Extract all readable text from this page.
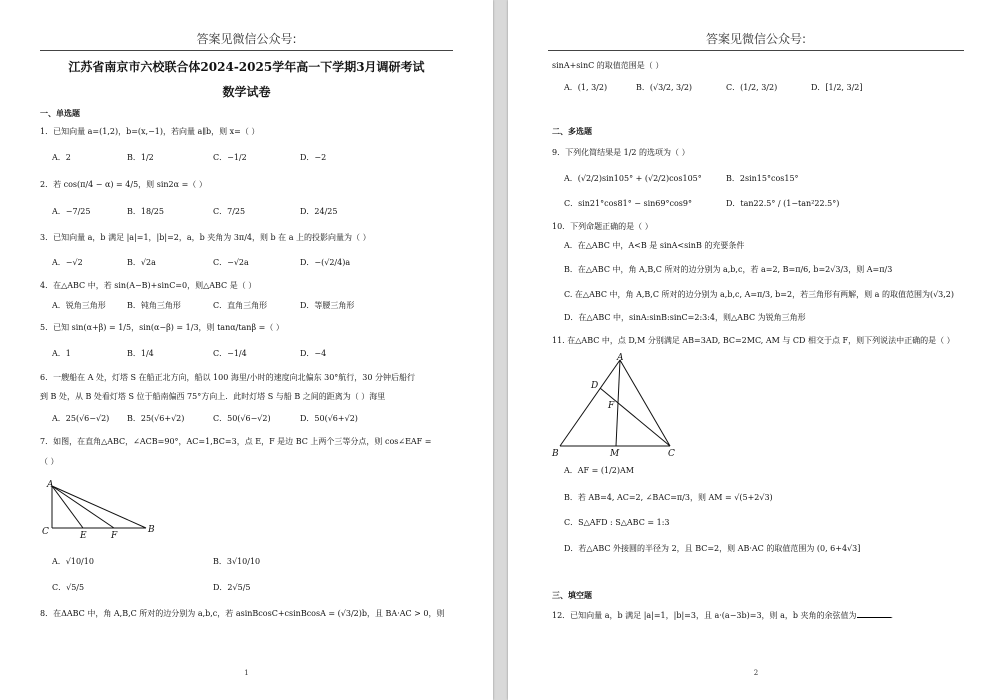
答案见微信公众号:
江苏省南京市六校联合体2024-2025学年高一下学期3月调研考试
数学试卷
一、单选题
1．已知向量 a=(1,2)，b=(x,−1)，若向量 a∥b，则 x=（ ）
A．2	B．1/2	C．−1/2	D．−2
2．若 cos(π/4 − α) = 4/5，则 sin2α =（ ）
A．−7/25	B．18/25	C．7/25	D．24/25
3．已知向量 a，b 满足 |a|=1，|b|=2，a，b 夹角为 3π/4，则 b 在 a 上的投影向量为（ ）
A．−√2	B．√2a	C．−√2a	D．−(√2/4)a
4．在△ABC 中，若 sin(A−B)+sinC=0，则△ABC 是（ ）
A．锐角三角形	B．钝角三角形	C．直角三角形	D．等腰三角形
5．已知 sin(α+β) = 1/5，sin(α−β) = 1/3，则 tanα/tanβ =（ ）
A．1	B．1/4	C．−1/4	D．−4
6．一艘船在 A 处，灯塔 S 在船正北方向，船以 100 海里/小时的速度向北偏东 30°航行，30 分钟后船行
到 B 处，从 B 处看灯塔 S 位于船南偏西 75°方向上．此时灯塔 S 与船 B 之间的距离为（ ）海里
A．25(√6−√2) B．25(√6+√2)	C．50(√6−√2)	D．50(√6+√2)
7．如图，在直角△ABC，∠ACB=90°，AC=1,BC=3，点 E，F 是边 BC 上两个三等分点，则 cos∠EAF =
（ ）
A
C	E	F
B
A．√10/10	B．3√10/10
C．√5/5	D．2√5/5
8．在ΔABC 中，角 A,B,C 所对的边分别为 a,b,c，若 asinBcosC+csinBcosA = (√3/2)b，且 BA·AC > 0，则
1
答案见微信公众号:
sinA+sinC 的取值范围是（ ）
A．(1, 3/2)	B．(√3/2, 3/2)	C．(1/2, 3/2)	D．[1/2, 3/2]
二、多选题
9．下列化简结果是 1/2 的选项为（ ）
A．(√2/2)sin105° + (√2/2)cos105°	B．2sin15°cos15°
C．sin21°cos81° − sin69°cos9°	D．tan22.5° / (1−tan²22.5°)
10．下列命题正确的是（ ）
A．在△ABC 中，A<B 是 sinA<sinB 的充要条件
B．在△ABC 中，角 A,B,C 所对的边分别为 a,b,c，若 a=2, B=π/6, b=2√3/3，则 A=π/3
C. 在△ABC 中，角 A,B,C 所对的边分别为 a,b,c, A=π/3, b=2，若三角形有两解，则 a 的取值范围为(√3,2)
D．在△ABC 中，sinA:sinB:sinC=2:3:4，则△ABC 为锐角三角形
11. 在△ABC 中，点 D,M 分别满足 AB=3AD, BC=2MC, AM 与 CD 相交于点 F，则下列说法中正确的是（ ）
A
D
F
B	M	C
A．AF = (1/2)AM
B．若 AB=4, AC=2, ∠BAC=π/3，则 AM = √(5+2√3)
C．S△AFD : S△ABC = 1:3
D．若△ABC 外接圆的半径为 2，且 BC=2，则 AB·AC 的取值范围为 (0, 6+4√3]
三、填空题
12．已知向量 a，b 满足 |a|=1，|b|=3，且 a·(a−3b)=3，则 a，b 夹角的余弦值为	．
2
